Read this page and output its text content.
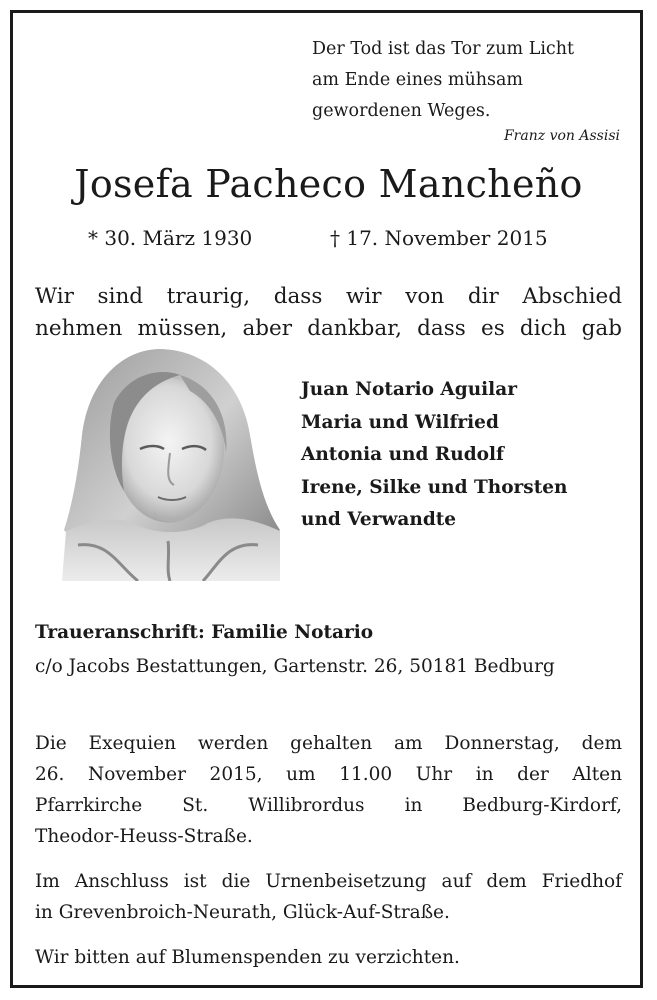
Der Tod ist das Tor zum Licht
am Ende eines mühsam
gewordenen Weges.
Franz von Assisi
Josefa Pacheco Mancheño
* 30. März 1930	† 17. November 2015
Wir sind traurig, dass wir von dir Abschied
nehmen müssen, aber dankbar, dass es dich gab
Juan Notario Aguilar
Maria und Wilfried
Antonia und Rudolf
Irene, Silke und Thorsten
und Verwandte
Traueranschrift: Familie Notario
c/o Jacobs Bestattungen, Gartenstr. 26, 50181 Bedburg
Die Exequien werden gehalten am Donnerstag, dem
26. November 2015, um 11.00 Uhr in der Alten
Pfarrkirche St. Willibrordus in Bedburg-Kirdorf,
Theodor-Heuss-Straße.
Im Anschluss ist die Urnenbeisetzung auf dem Friedhof
in Grevenbroich-Neurath, Glück-Auf-Straße.
Wir bitten auf Blumenspenden zu verzichten.
